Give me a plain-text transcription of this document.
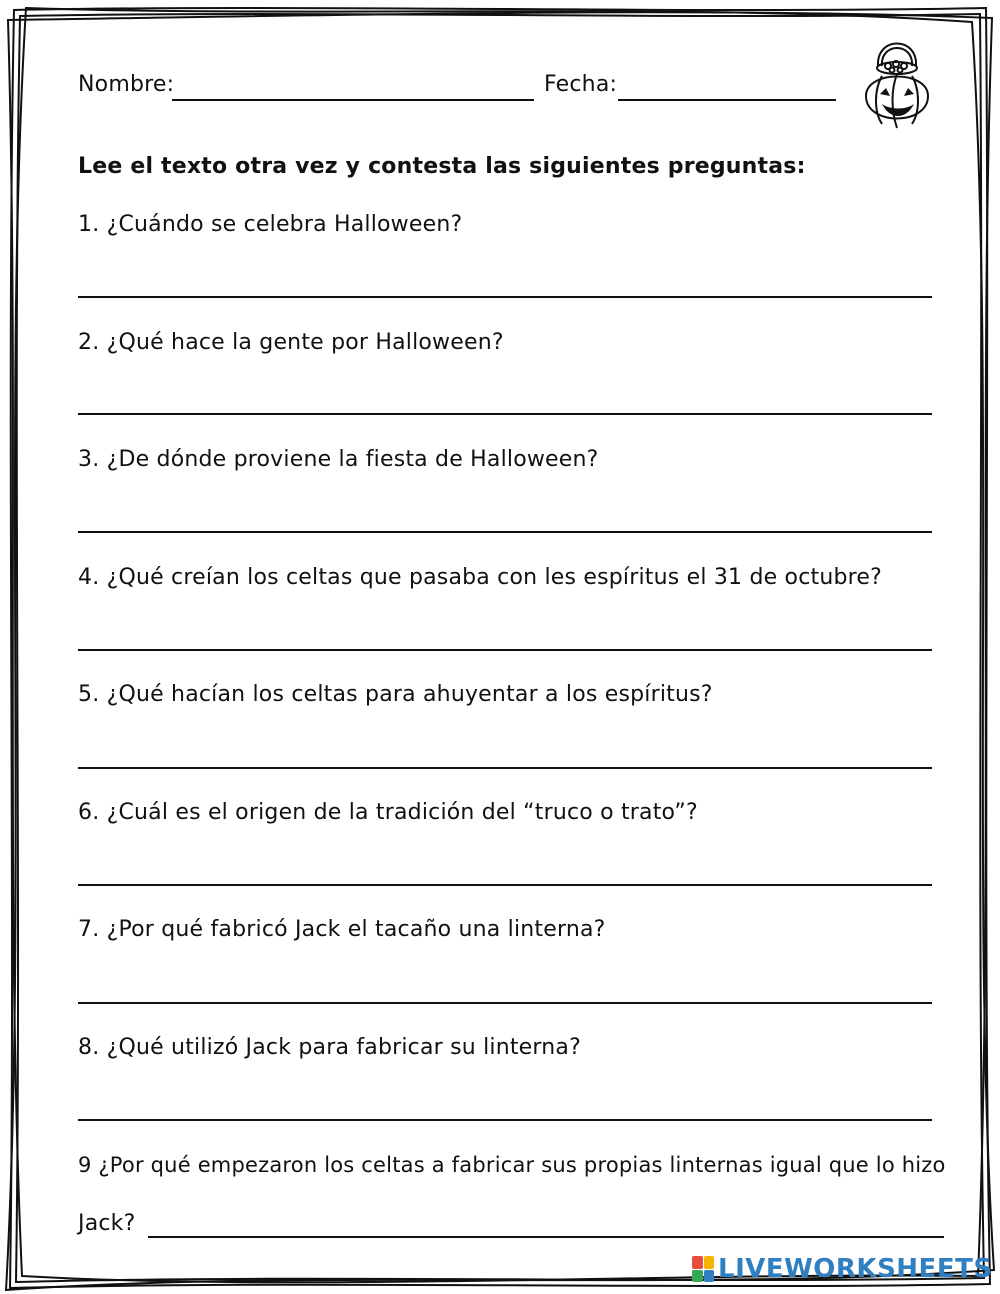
Nombre:	Fecha:
Lee el texto otra vez y contesta las siguientes preguntas:
1. ¿Cuándo se celebra Halloween?
2. ¿Qué hace la gente por Halloween?
3. ¿De dónde proviene la fiesta de Halloween?
4. ¿Qué creían los celtas que pasaba con les espíritus el 31 de octubre?
5. ¿Qué hacían los celtas para ahuyentar a los espíritus?
6. ¿Cuál es el origen de la tradición del “truco o trato”?
7. ¿Por qué fabricó Jack el tacaño una linterna?
8. ¿Qué utilizó Jack para fabricar su linterna?
9 ¿Por qué empezaron los celtas a fabricar sus propias linternas igual que lo hizo
Jack?
LIVEWORKSHEETS
